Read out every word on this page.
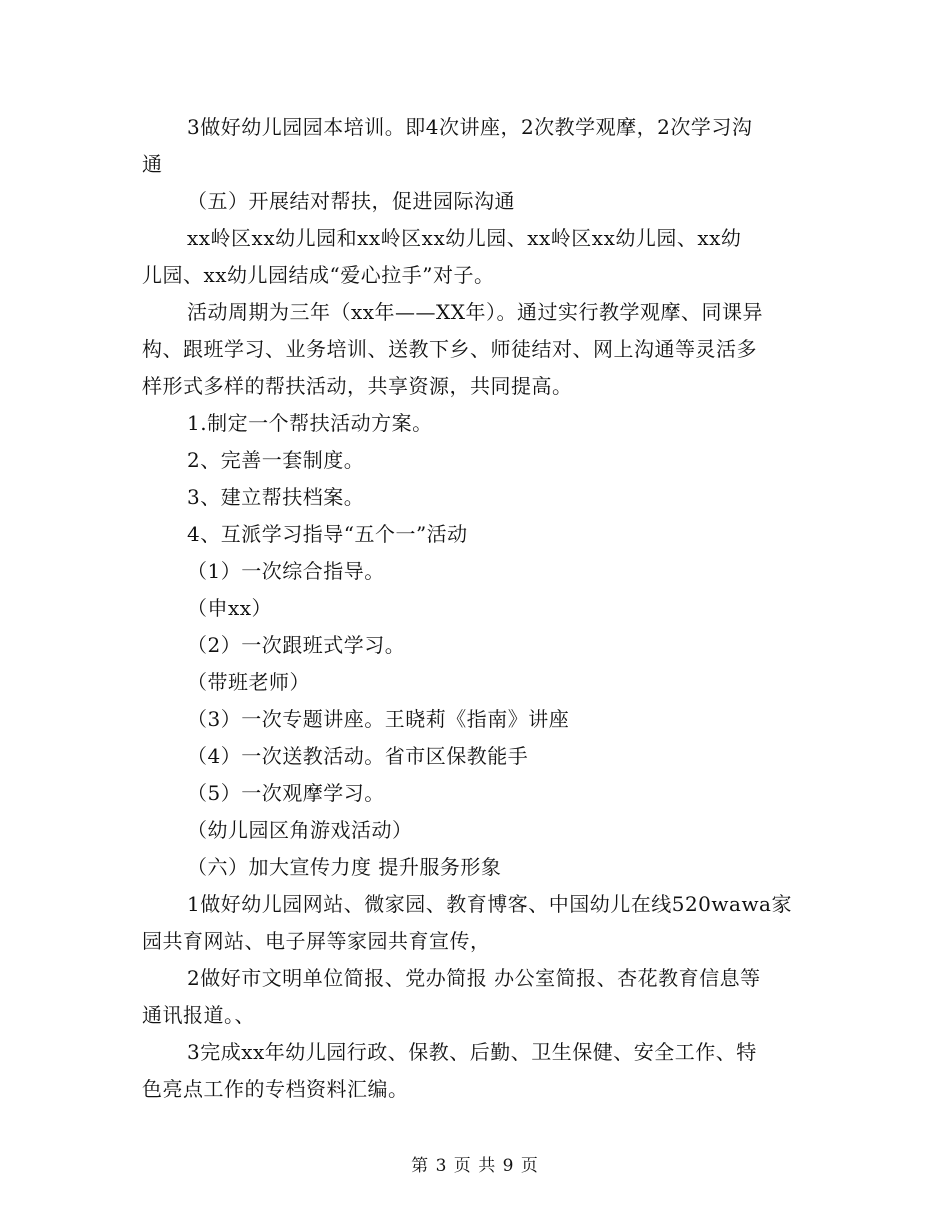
3做好幼儿园园本培训。即4次讲座，2次教学观摩，2次学习沟
通
（五）开展结对帮扶，促进园际沟通
xx岭区xx幼儿园和xx岭区xx幼儿园、xx岭区xx幼儿园、xx幼
儿园、xx幼儿园结成“爱心拉手”对子。
活动周期为三年（xx年——XX年）。通过实行教学观摩、同课异
构、跟班学习、业务培训、送教下乡、师徒结对、网上沟通等灵活多
样形式多样的帮扶活动，共享资源，共同提高。
1.制定一个帮扶活动方案。
2、完善一套制度。
3、建立帮扶档案。
4、互派学习指导“五个一”活动
（1）一次综合指导。
（申xx）
（2）一次跟班式学习。
（带班老师）
（3）一次专题讲座。王晓莉《指南》讲座
（4）一次送教活动。省市区保教能手
（5）一次观摩学习。
（幼儿园区角游戏活动）
（六）加大宣传力度 提升服务形象
1做好幼儿园网站、微家园、教育博客、中国幼儿在线520wawa家
园共育网站、电子屏等家园共育宣传，
2做好市文明单位简报、党办简报 办公室简报、杏花教育信息等
通讯报道。、
3完成xx年幼儿园行政、保教、后勤、卫生保健、安全工作、特
色亮点工作的专档资料汇编。
第 3 页 共 9 页
